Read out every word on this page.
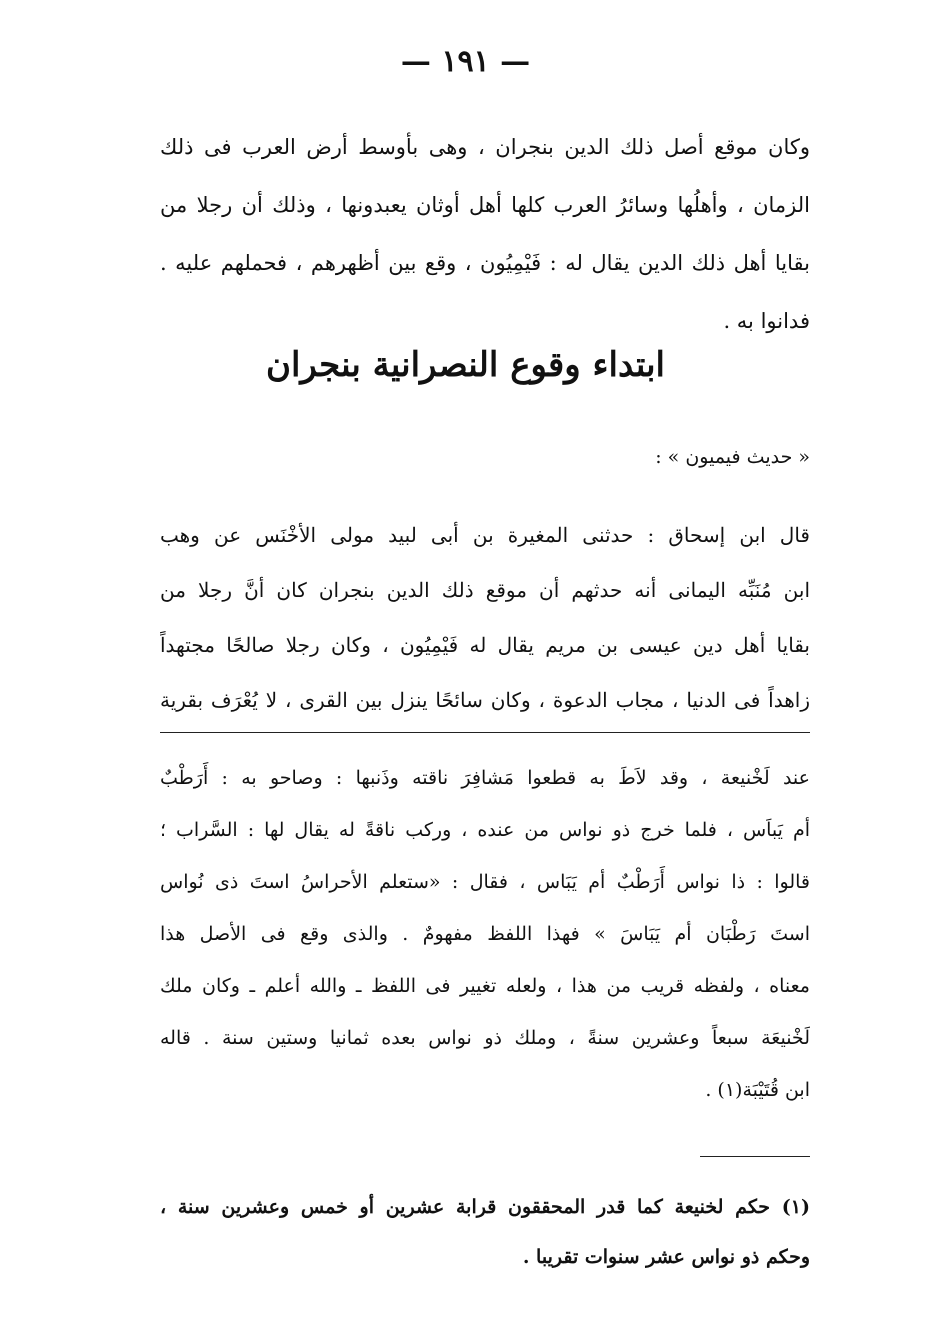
— ١٩١ —
وكان موقع أصل ذلك الدين بنجران ، وهى بأوسط أرض العرب فى ذلك
الزمان ، وأهلُها وسائرُ العرب كلها أهل أوثان يعبدونها ، وذلك أن رجلا من
بقايا أهل ذلك الدين يقال له : فَيْمِيُون ، وقع بين أظهرهم ، فحملهم عليه .
فدانوا به .
ابتداء وقوع النصرانية بنجران
« حديث فيميون » :
قال ابن إسحاق : حدثنى المغيرة بن أبى لبيد مولى الأخْنَس عن وهب
ابن مُنَبِّه اليمانى أنه حدثهم أن موقع ذلك الدين بنجران كان أنَّ رجلا من
بقايا أهل دين عيسى بن مريم يقال له فَيْمِيُون ، وكان رجلا صالحًا مجتهداً
زاهداً فى الدنيا ، مجاب الدعوة ، وكان سائحًا ينزل بين القرى ، لا يُعْرَف بقرية
عند لَخْنيعة ، وقد لاَطَ به قطعوا مَشافِرَ ناقته وذَنبها : وصاحو به : أَرَطْبٌ
أم يَباَس ، فلما خرج ذو نواس من عنده ، وركب ناقةً له يقال لها : السَّراب ؛
قالوا : ذا نواس أَرَطْبٌ أم يَبَاس ، فقال : «ستعلم الأحراسُ استَ ذى نُواس
استَ رَطْبَان أم يَبَاسَ » فهذا اللفظ مفهومٌ . والذى وقع فى الأصل هذا
معناه ، ولفظه قريب من هذا ، ولعله تغيير فى اللفظ ـ والله أعلم ـ وكان ملك
لَخْنيعَة سبعاً وعشرين سنةً ، وملك ذو نواس بعده ثمانيا وستين سنة . قاله
ابن قُتَيْبَة(١) .
(١) حكم لخنيعة كما قدر المحققون قرابة عشرين أو خمس وعشرين سنة ،
وحكم ذو نواس عشر سنوات تقريبا .
